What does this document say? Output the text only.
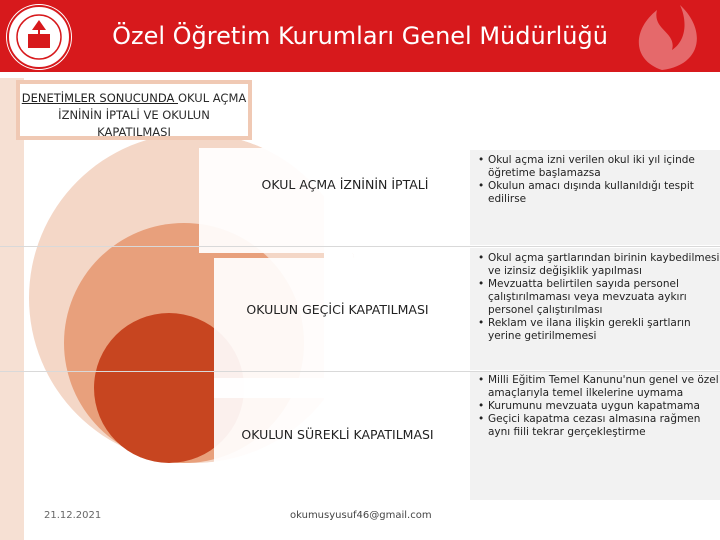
Özel Öğretim Kurumları Genel Müdürlüğü
DENETİMLER SONUCUNDA OKUL AÇMA İZNİNİN İPTALİ VE OKULUN KAPATILMASI
• Okul açma izni verilen okul iki yıl içinde öğretime başlamazsa
• Okulun amacı dışında kullanıldığı tespit edilirse
OKUL AÇMA İZNİNİN İPTALİ
• Okul açma şartlarından birinin kaybedilmesi ve izinsiz değişiklik yapılması
• Mevzuatta belirtilen sayıda personel çalıştırılmaması veya mevzuata aykırı personel çalıştırılması
• Reklam ve ilana ilişkin gerekli şartların yerine getirilmemesi
OKULUN GEÇİCİ KAPATILMASI
• Milli Eğitim Temel Kanunu'nun genel ve özel amaçlarıyla temel ilkelerine uymama
• Kurumunu mevzuata uygun kapatmama
• Geçici kapatma cezası almasına rağmen aynı fiili tekrar gerçekleştirme
OKULUN SÜREKLİ KAPATILMASI
21.12.2021	okumusyusuf46@gmail.com
